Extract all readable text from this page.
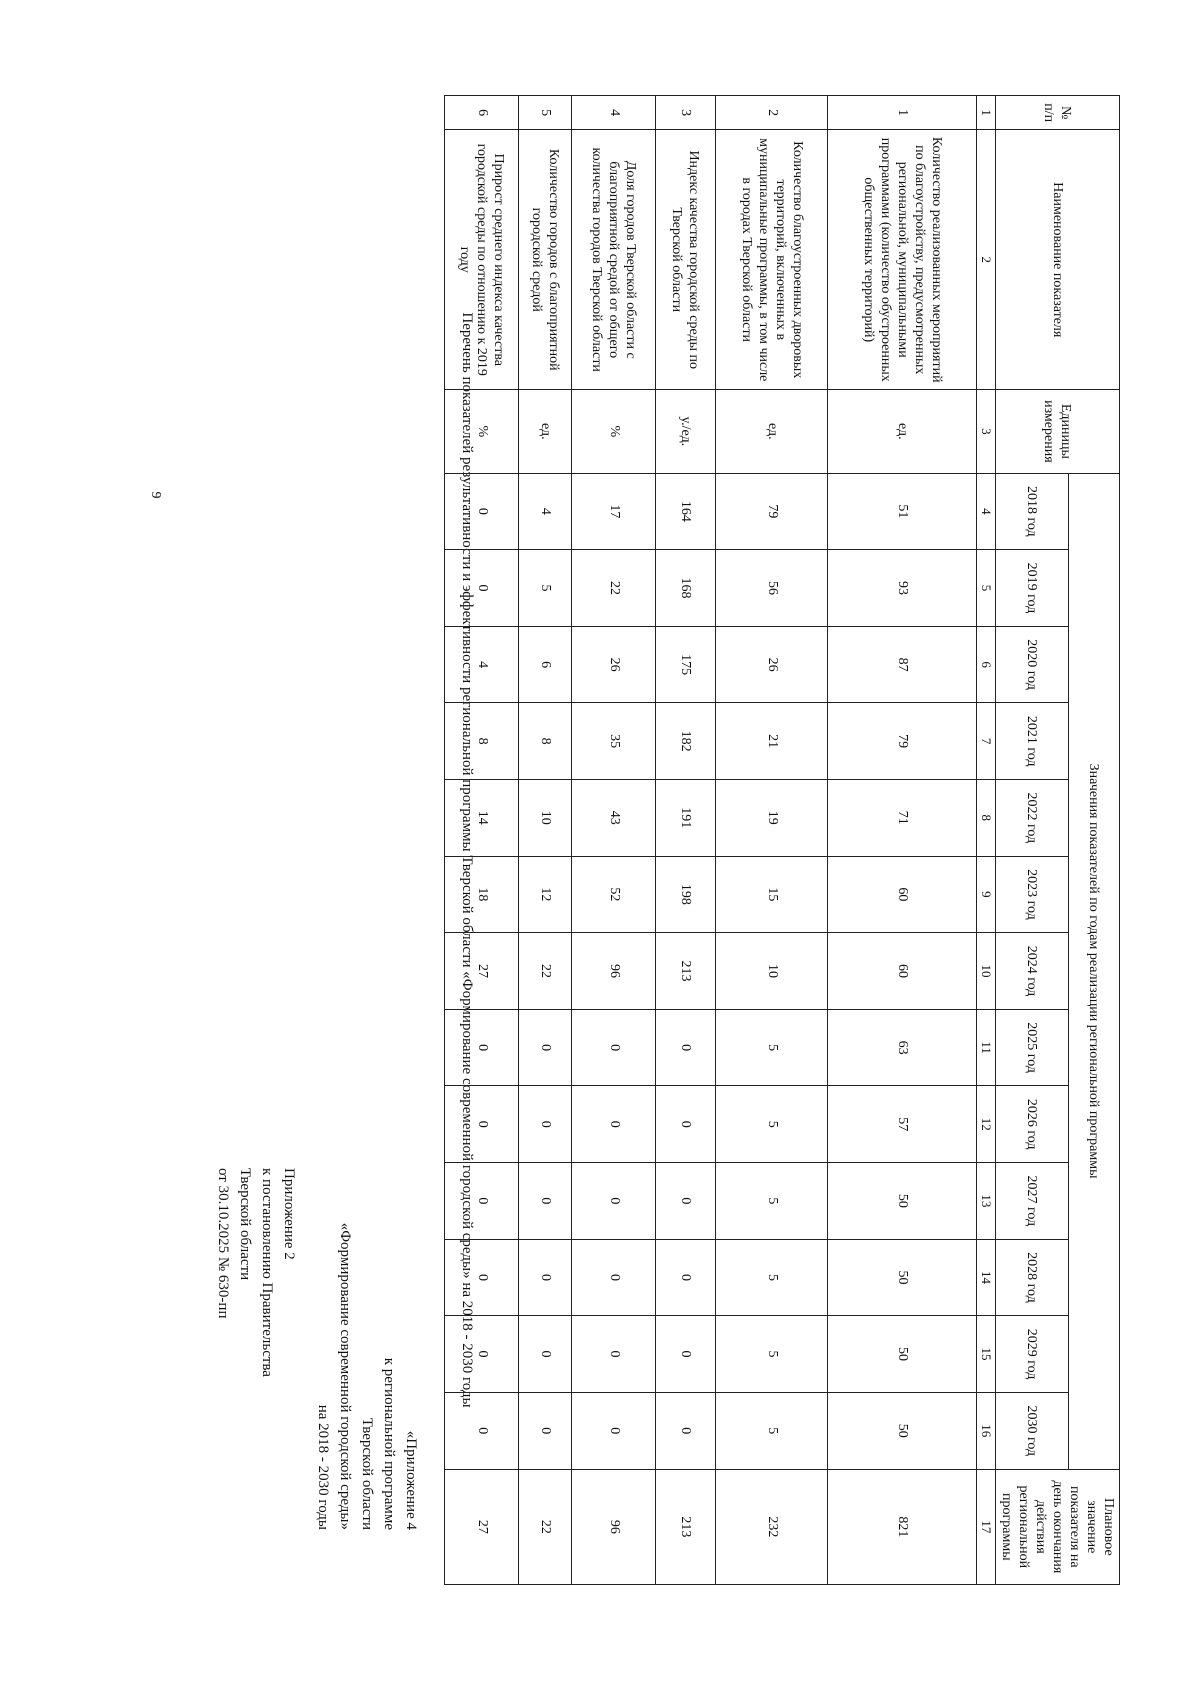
9
Приложение 2
к постановлению Правительства
Тверской области
от 30.10.2025 № 630-пп
«Приложение 4
к региональной программе
Тверской области
«Формирование современной городской среды»
на 2018 - 2030 годы
Перечень показателей результативности и эффективности региональной программы Тверской области «Формирование современной городской среды» на 2018 - 2030 годы
№ п/п	Наименование показателя	Единицы измерения	Значения показателей по годам реализации региональной программы													Плановое значение показателя на день окончания действия региональной программы
			2018 год	2019 год	2020 год	2021 год	2022 год	2023 год	2024 год	2025 год	2026 год	2027 год	2028 год	2029 год	2030 год	
1	2	3	4	5	6	7	8	9	10	11	12	13	14	15	16	17
1	Количество реализованных мероприятий по благоустройству, предусмотренных региональной, муниципальными программами (количество обустроенных общественных территорий)	ед.	51	93	87	79	71	60	60	63	57	50	50	50	50	821
2	Количество благоустроенных дворовых территорий, включенных в муниципальные программы, в том числе в городах Тверской области	ед.	79	56	26	21	19	15	10	5	5	5	5	5	5	232
3	Индекс качества городской среды по Тверской области	у./ед.	164	168	175	182	191	198	213	0	0	0	0	0	0	213
4	Доля городов Тверской области с благоприятной средой от общего количества городов Тверской области	%	17	22	26	35	43	52	96	0	0	0	0	0	0	96
5	Количество городов с благоприятной городской средой	ед.	4	5	6	8	10	12	22	0	0	0	0	0	0	22
6	Прирост среднего индекса качества городской среды по отношению к 2019 году	%	0	0	4	8	14	18	27	0	0	0	0	0	0	27
